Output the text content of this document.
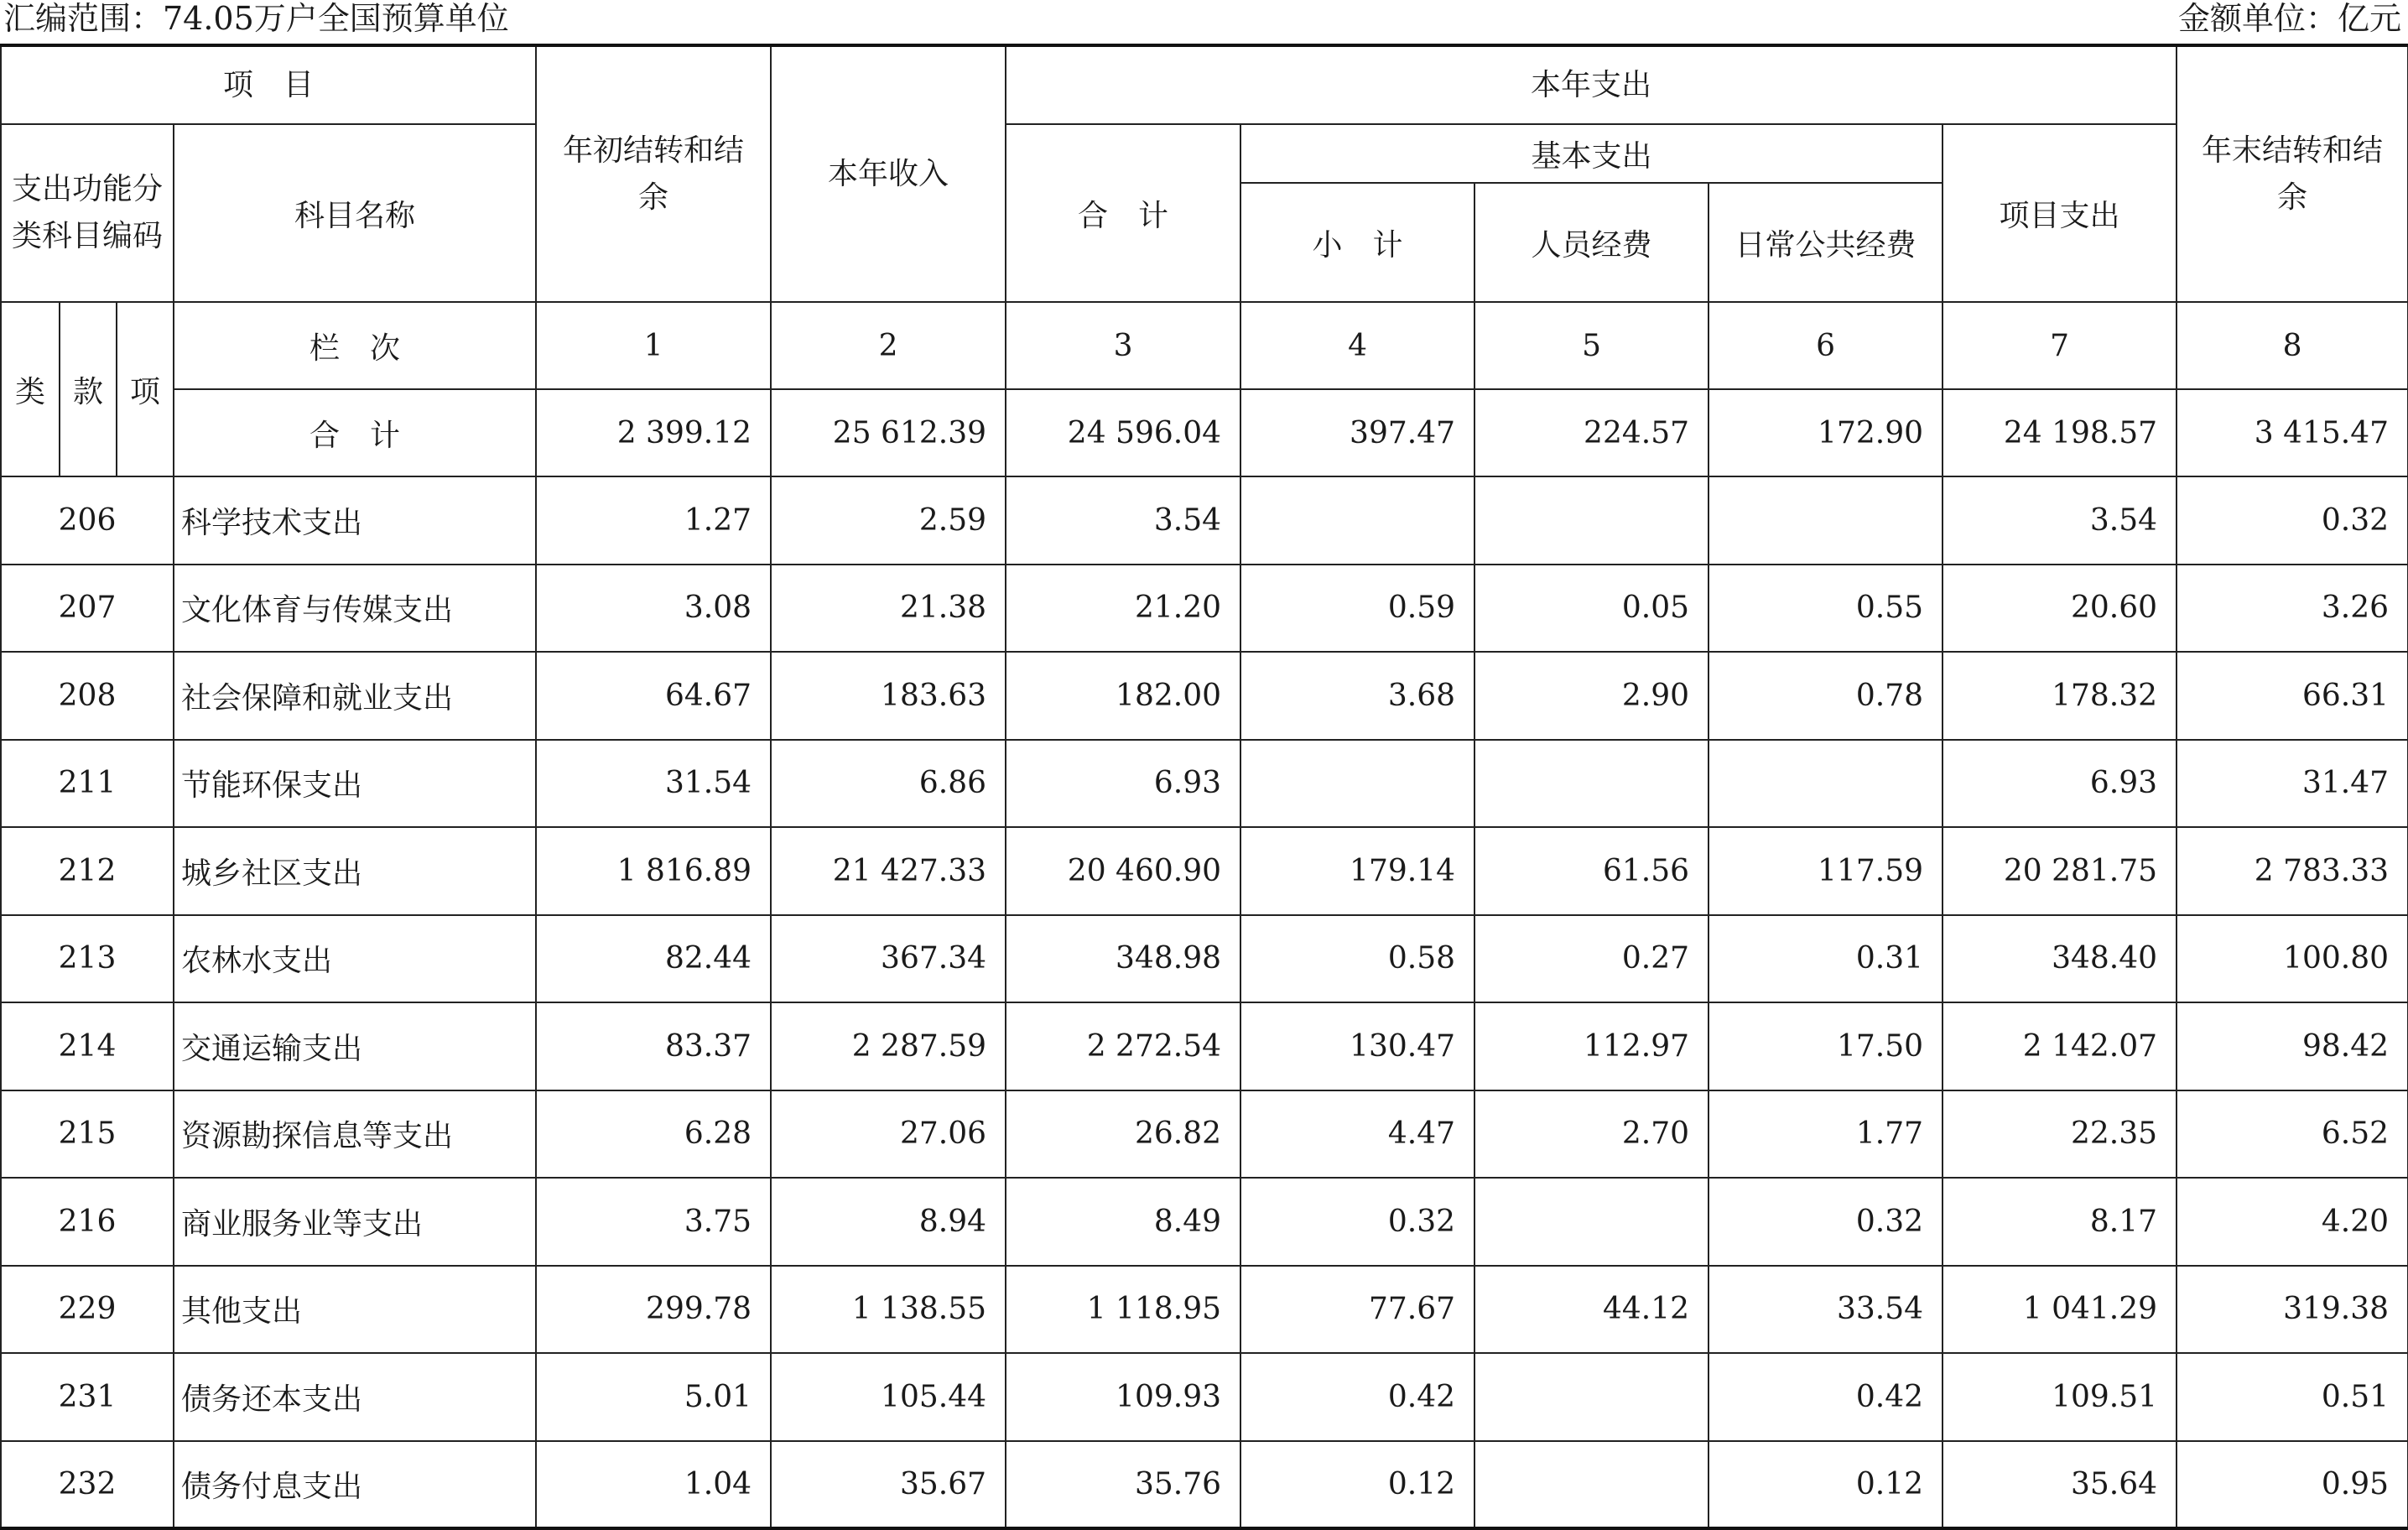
汇编范围：74.05万户全国预算单位	金额单位：亿元
项　目				年初结转和结余	本年收入	本年支出					年末结转和结余
支出功能分类科目编码			科目名称			合　计	基本支出			项目支出	
							小　计	人员经费	日常公共经费		
类	款	项	栏　次	1	2	3	4	5	6	7	8
			合　计	2 399.12	25 612.39	24 596.04	397.47	224.57	172.90	24 198.57	3 415.47
206			科学技术支出	1.27	2.59	3.54				3.54	0.32
207			文化体育与传媒支出	3.08	21.38	21.20	0.59	0.05	0.55	20.60	3.26
208			社会保障和就业支出	64.67	183.63	182.00	3.68	2.90	0.78	178.32	66.31
211			节能环保支出	31.54	6.86	6.93				6.93	31.47
212			城乡社区支出	1 816.89	21 427.33	20 460.90	179.14	61.56	117.59	20 281.75	2 783.33
213			农林水支出	82.44	367.34	348.98	0.58	0.27	0.31	348.40	100.80
214			交通运输支出	83.37	2 287.59	2 272.54	130.47	112.97	17.50	2 142.07	98.42
215			资源勘探信息等支出	6.28	27.06	26.82	4.47	2.70	1.77	22.35	6.52
216			商业服务业等支出	3.75	8.94	8.49	0.32		0.32	8.17	4.20
229			其他支出	299.78	1 138.55	1 118.95	77.67	44.12	33.54	1 041.29	319.38
231			债务还本支出	5.01	105.44	109.93	0.42		0.42	109.51	0.51
232			债务付息支出	1.04	35.67	35.76	0.12		0.12	35.64	0.95
